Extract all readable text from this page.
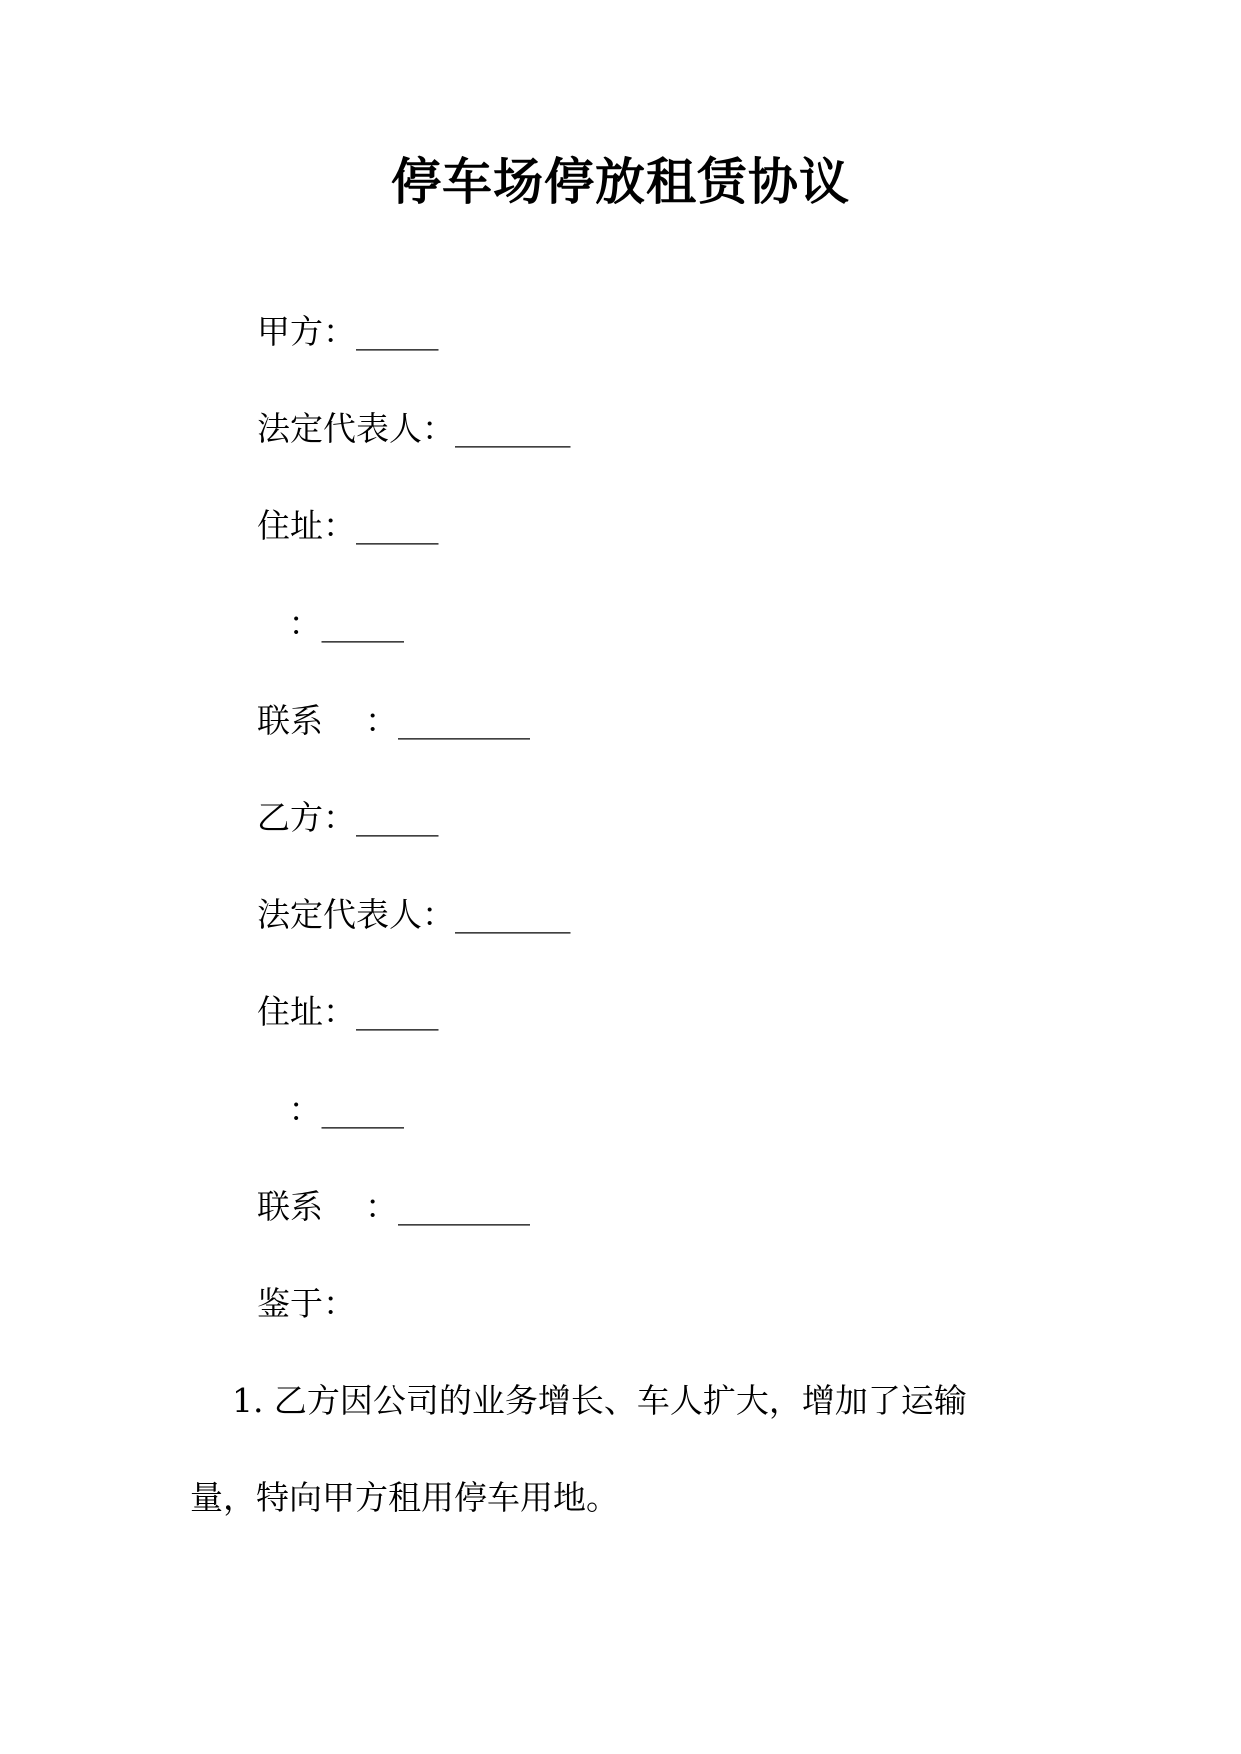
停车场停放租赁协议
甲方：_____
法定代表人：_______
住址：_____
：_____
联系    ：________
乙方：_____
法定代表人：_______
住址：_____
：_____
联系    ：________
鉴于：
1. 乙方因公司的业务增长、车人扩大，增加了运输
量，特向甲方租用停车用地。
